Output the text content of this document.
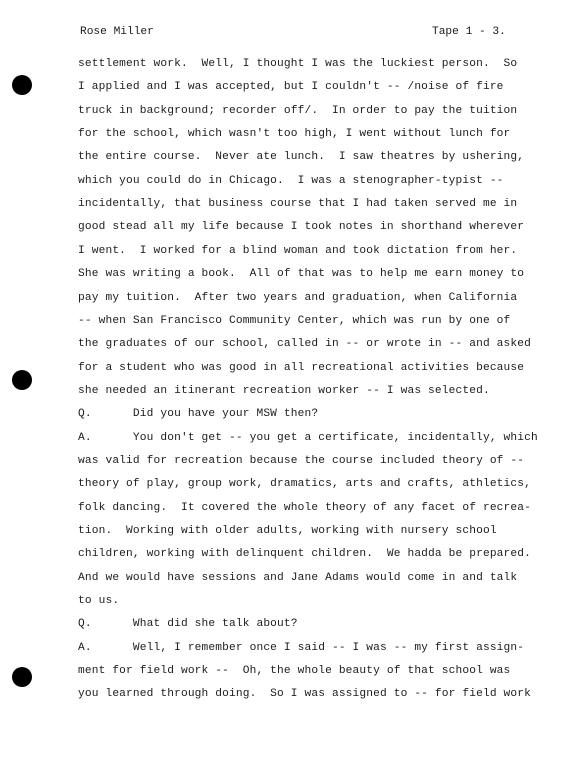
Rose Miller	Tape 1 - 3.
settlement work.  Well, I thought I was the luckiest person.  So
I applied and I was accepted, but I couldn't -- /noise of fire
truck in background; recorder off/.  In order to pay the tuition
for the school, which wasn't too high, I went without lunch for
the entire course.  Never ate lunch.  I saw theatres by ushering,
which you could do in Chicago.  I was a stenographer-typist --
incidentally, that business course that I had taken served me in
good stead all my life because I took notes in shorthand wherever
I went.  I worked for a blind woman and took dictation from her.
She was writing a book.  All of that was to help me earn money to
pay my tuition.  After two years and graduation, when California
-- when San Francisco Community Center, which was run by one of
the graduates of our school, called in -- or wrote in -- and asked
for a student who was good in all recreational activities because
she needed an itinerant recreation worker -- I was selected.
Q.      Did you have your MSW then?
A.      You don't get -- you get a certificate, incidentally, which
was valid for recreation because the course included theory of --
theory of play, group work, dramatics, arts and crafts, athletics,
folk dancing.  It covered the whole theory of any facet of recrea-
tion.  Working with older adults, working with nursery school
children, working with delinquent children.  We hadda be prepared.
And we would have sessions and Jane Adams would come in and talk
to us.
Q.      What did she talk about?
A.      Well, I remember once I said -- I was -- my first assign-
ment for field work --  Oh, the whole beauty of that school was
you learned through doing.  So I was assigned to -- for field work
